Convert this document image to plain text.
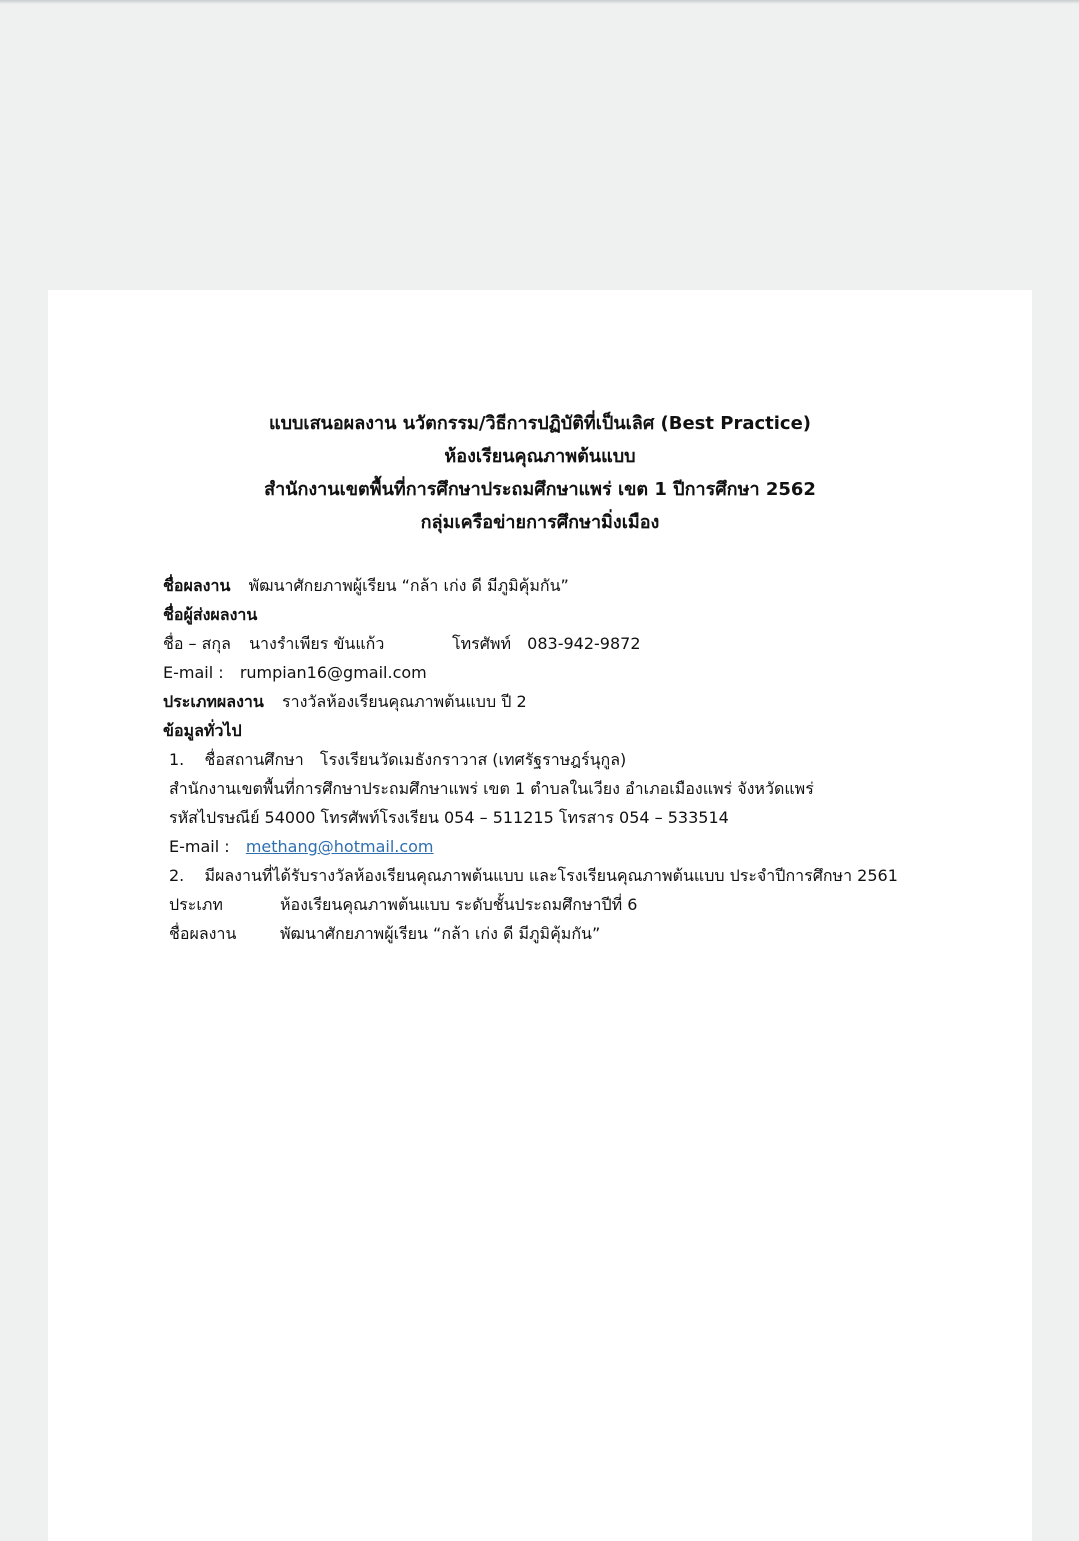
แบบเสนอผลงาน นวัตกรรม/วิธีการปฏิบัติที่เป็นเลิศ (Best Practice)
ห้องเรียนคุณภาพต้นแบบ
สำนักงานเขตพื้นที่การศึกษาประถมศึกษาแพร่ เขต 1 ปีการศึกษา 2562
กลุ่มเครือข่ายการศึกษามิ่งเมือง
ชื่อผลงาน พัฒนาศักยภาพผู้เรียน “กล้า เก่ง ดี มีภูมิคุ้มกัน”
ชื่อผู้ส่งผลงาน
ชื่อ – สกุล นางรำเพียร ขันแก้ว	โทรศัพท์ 083-942-9872
E-mail : rumpian16@gmail.com
ประเภทผลงาน รางวัลห้องเรียนคุณภาพต้นแบบ ปี 2
ข้อมูลทั่วไป
1. ชื่อสถานศึกษา โรงเรียนวัดเมธังกราวาส (เทศรัฐราษฎร์นุกูล)
สำนักงานเขตพื้นที่การศึกษาประถมศึกษาแพร่ เขต 1 ตำบลในเวียง อำเภอเมืองแพร่ จังหวัดแพร่
รหัสไปรษณีย์ 54000 โทรศัพท์โรงเรียน 054 – 511215 โทรสาร 054 – 533514
E-mail : methang@hotmail.com
2. มีผลงานที่ได้รับรางวัลห้องเรียนคุณภาพต้นแบบ และโรงเรียนคุณภาพต้นแบบ ประจำปีการศึกษา 2561
ประเภท	ห้องเรียนคุณภาพต้นแบบ ระดับชั้นประถมศึกษาปีที่ 6
ชื่อผลงาน	พัฒนาศักยภาพผู้เรียน “กล้า เก่ง ดี มีภูมิคุ้มกัน”
